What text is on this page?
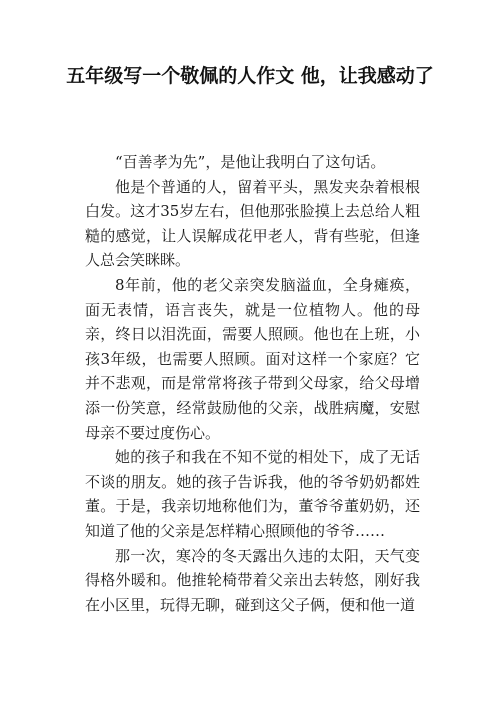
五年级写一个敬佩的人作文 他，让我感动了

“百善孝为先”，是他让我明白了这句话。

他是个普通的人，留着平头，黑发夹杂着根根白发。这才35岁左右，但他那张脸摸上去总给人粗糙的感觉，让人误解成花甲老人，背有些驼，但逢人总会笑眯眯。

8年前，他的老父亲突发脑溢血，全身瘫痪，面无表情，语言丧失，就是一位植物人。他的母亲，终日以泪洗面，需要人照顾。他也在上班，小孩3年级，也需要人照顾。面对这样一个家庭？它并不悲观，而是常常将孩子带到父母家，给父母增添一份笑意，经常鼓励他的父亲，战胜病魔，安慰母亲不要过度伤心。

她的孩子和我在不知不觉的相处下，成了无话不谈的朋友。她的孩子告诉我，他的爷爷奶奶都姓董。于是，我亲切地称他们为，董爷爷董奶奶，还知道了他的父亲是怎样精心照顾他的爷爷……

那一次，寒冷的冬天露出久违的太阳，天气变得格外暖和。他推轮椅带着父亲出去转悠，刚好我在小区里，玩得无聊，碰到这父子俩，便和他一道
